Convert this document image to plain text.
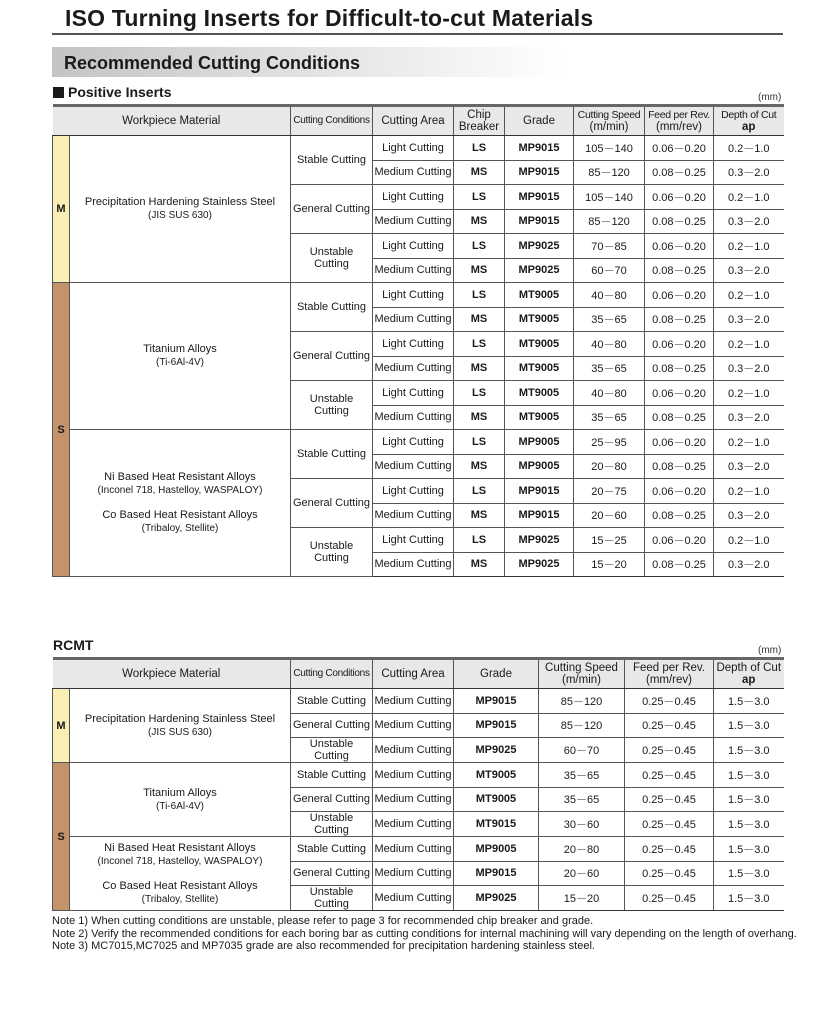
ISO Turning Inserts for Difficult-to-cut Materials
Recommended Cutting Conditions
Positive Inserts	(mm)
Workpiece Material		Cutting Conditions	Cutting Area	Chip
Breaker	Grade	Cutting Speed
(m/min)	Feed per Rev.
(mm/rev)	Depth of Cut
ap
M	Precipitation Hardening Stainless Steel
(JIS SUS 630)	Stable Cutting	Light Cutting	LS	MP9015	105－140	0.06－0.20	0.2－1.0
			Medium Cutting	MS	MP9015	85－120	0.08－0.25	0.3－2.0
		General Cutting	Light Cutting	LS	MP9015	105－140	0.06－0.20	0.2－1.0
			Medium Cutting	MS	MP9015	85－120	0.08－0.25	0.3－2.0
		Unstable Cutting	Light Cutting	LS	MP9025	70－85	0.06－0.20	0.2－1.0
			Medium Cutting	MS	MP9025	60－70	0.08－0.25	0.3－2.0
S	Titanium Alloys
(Ti-6Al-4V)	Stable Cutting	Light Cutting	LS	MT9005	40－80	0.06－0.20	0.2－1.0
			Medium Cutting	MS	MT9005	35－65	0.08－0.25	0.3－2.0
		General Cutting	Light Cutting	LS	MT9005	40－80	0.06－0.20	0.2－1.0
			Medium Cutting	MS	MT9005	35－65	0.08－0.25	0.3－2.0
		Unstable Cutting	Light Cutting	LS	MT9005	40－80	0.06－0.20	0.2－1.0
			Medium Cutting	MS	MT9005	35－65	0.08－0.25	0.3－2.0
	Ni Based Heat Resistant Alloys
(Inconel 718, Hastelloy, WASPALOY)
Co Based Heat Resistant Alloys
(Tribaloy, Stellite)	Stable Cutting	Light Cutting	LS	MP9005	25－95	0.06－0.20	0.2－1.0
			Medium Cutting	MS	MP9005	20－80	0.08－0.25	0.3－2.0
		General Cutting	Light Cutting	LS	MP9015	20－75	0.06－0.20	0.2－1.0
			Medium Cutting	MS	MP9015	20－60	0.08－0.25	0.3－2.0
		Unstable Cutting	Light Cutting	LS	MP9025	15－25	0.06－0.20	0.2－1.0
			Medium Cutting	MS	MP9025	15－20	0.08－0.25	0.3－2.0
RCMT	(mm)
Workpiece Material		Cutting Conditions	Cutting Area	Grade	Cutting Speed
(m/min)	Feed per Rev.
(mm/rev)	Depth of Cut
ap
M	Precipitation Hardening Stainless Steel
(JIS SUS 630)	Stable Cutting	Medium Cutting	MP9015	85－120	0.25－0.45	1.5－3.0
		General Cutting	Medium Cutting	MP9015	85－120	0.25－0.45	1.5－3.0
		Unstable Cutting	Medium Cutting	MP9025	60－70	0.25－0.45	1.5－3.0
S	Titanium Alloys
(Ti-6Al-4V)	Stable Cutting	Medium Cutting	MT9005	35－65	0.25－0.45	1.5－3.0
		General Cutting	Medium Cutting	MT9005	35－65	0.25－0.45	1.5－3.0
		Unstable Cutting	Medium Cutting	MT9015	30－60	0.25－0.45	1.5－3.0
	Ni Based Heat Resistant Alloys
(Inconel 718, Hastelloy, WASPALOY)
Co Based Heat Resistant Alloys
(Tribaloy, Stellite)	Stable Cutting	Medium Cutting	MP9005	20－80	0.25－0.45	1.5－3.0
		General Cutting	Medium Cutting	MP9015	20－60	0.25－0.45	1.5－3.0
		Unstable Cutting	Medium Cutting	MP9025	15－20	0.25－0.45	1.5－3.0
Note 1) When cutting conditions are unstable, please refer to page 3 for recommended chip breaker and grade.
Note 2) Verify the recommended conditions for each boring bar as cutting conditions for internal machining will vary depending on the length of overhang.
Note 3) MC7015,MC7025 and MP7035 grade are also recommended for precipitation hardening stainless steel.
